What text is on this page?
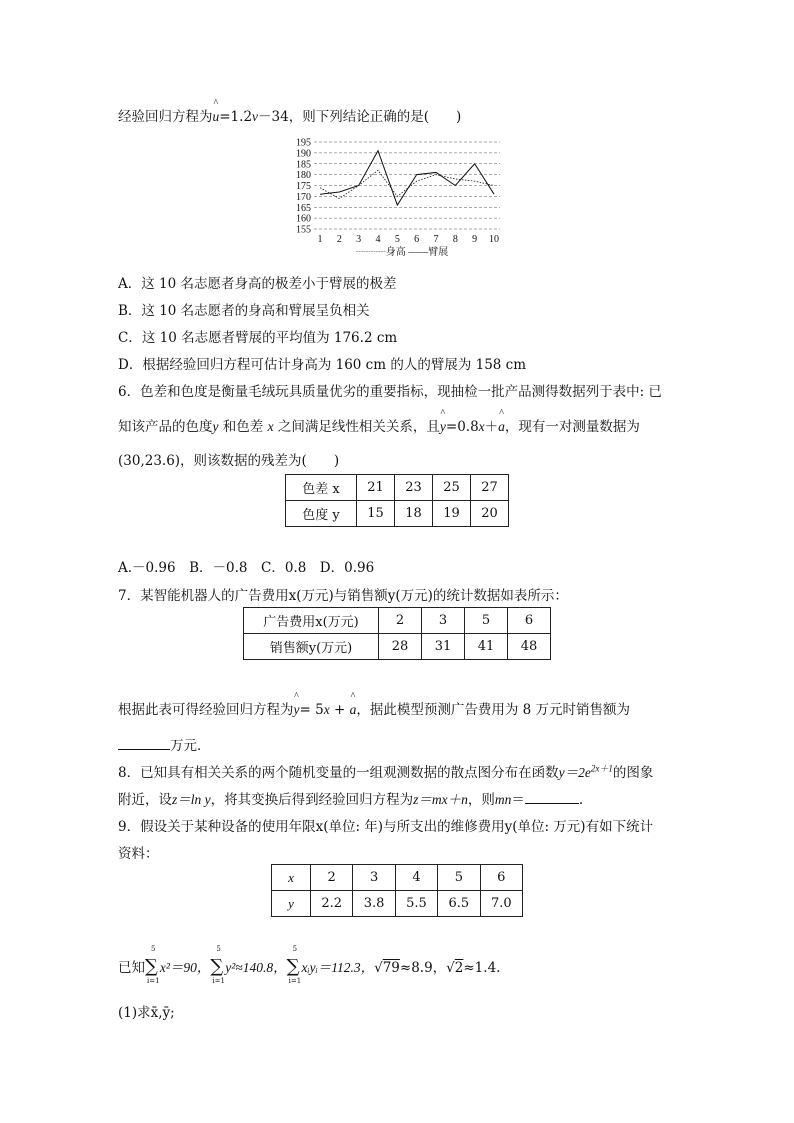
经验回归方程为^ u=1.2v－34，则下列结论正确的是(　　)
155
160
165
170
175
180
185
190
195
1 2 3 4 5 6 7 8 9 10
┈┈┈身高 ——臂展
A．这 10 名志愿者身高的极差小于臂展的极差
B．这 10 名志愿者的身高和臂展呈负相关
C．这 10 名志愿者臂展的平均值为 176.2 cm
D．根据经验回归方程可估计身高为 160 cm 的人的臂展为 158 cm
6．色差和色度是衡量毛绒玩具质量优劣的重要指标，现抽检一批产品测得数据列于表中: 已
知该产品的色度y 和色差 x 之间满足线性相关关系，且^ y=0.8x＋^ a，现有一对测量数据为
(30,23.6)，则该数据的残差为(　　)
色差 x	21	23	25	27
色度 y	15	18	19	20
A.－0.96　B．－0.8　C．0.8　D．0.96
7．某智能机器人的广告费用x(万元)与销售额y(万元)的统计数据如表所示：
广告费用x(万元)	2	3	5	6
销售额y(万元)	28	31	41	48
根据此表可得经验回归方程为^ y= 5x + ^ a，据此模型预测广告费用为 8 万元时销售额为
万元．
8．已知具有相关关系的两个随机变量的一组观测数据的散点图分布在函数$y=2e^{2x+1}$的图象
附近，设z＝ln y，将其变换后得到经验回归方程为z＝mx＋n，则mn＝	.
9．假设关于某种设备的使用年限x(单位: 年)与所支出的维修费用y(单位: 万元)有如下统计
资料：
x	2	3	4	5	6
y	2.2	3.8	5.5	6.5	7.0
已知∑
5
i=1
x²＝90，∑
5
i=1
y²≈140.8，∑
5
i=1
xᵢyᵢ＝112.3，√79≈8.9，√2≈1.4.
(1)求x̄,ȳ;
